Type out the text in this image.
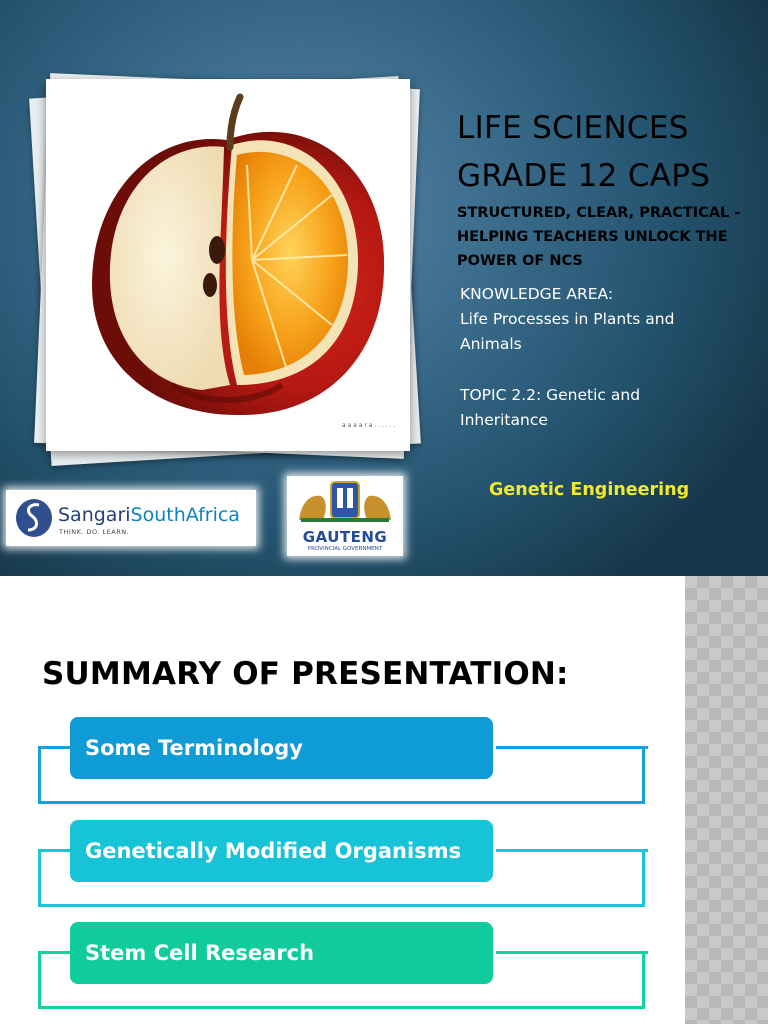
a a a a r a . . . . . .
LIFE SCIENCES
GRADE 12 CAPS
STRUCTURED, CLEAR, PRACTICAL - HELPING TEACHERS UNLOCK THE POWER OF NCS
KNOWLEDGE AREA:
Life Processes in Plants and
Animals
TOPIC 2.2: Genetic and
Inheritance
Genetic Engineering
SangariSouthAfrica
THINK. DO. LEARN.	GAUTENG
PROVINCIAL GOVERNMENT
SUMMARY OF PRESENTATION:
Some Terminology
Genetically Modified Organisms
Stem Cell Research
